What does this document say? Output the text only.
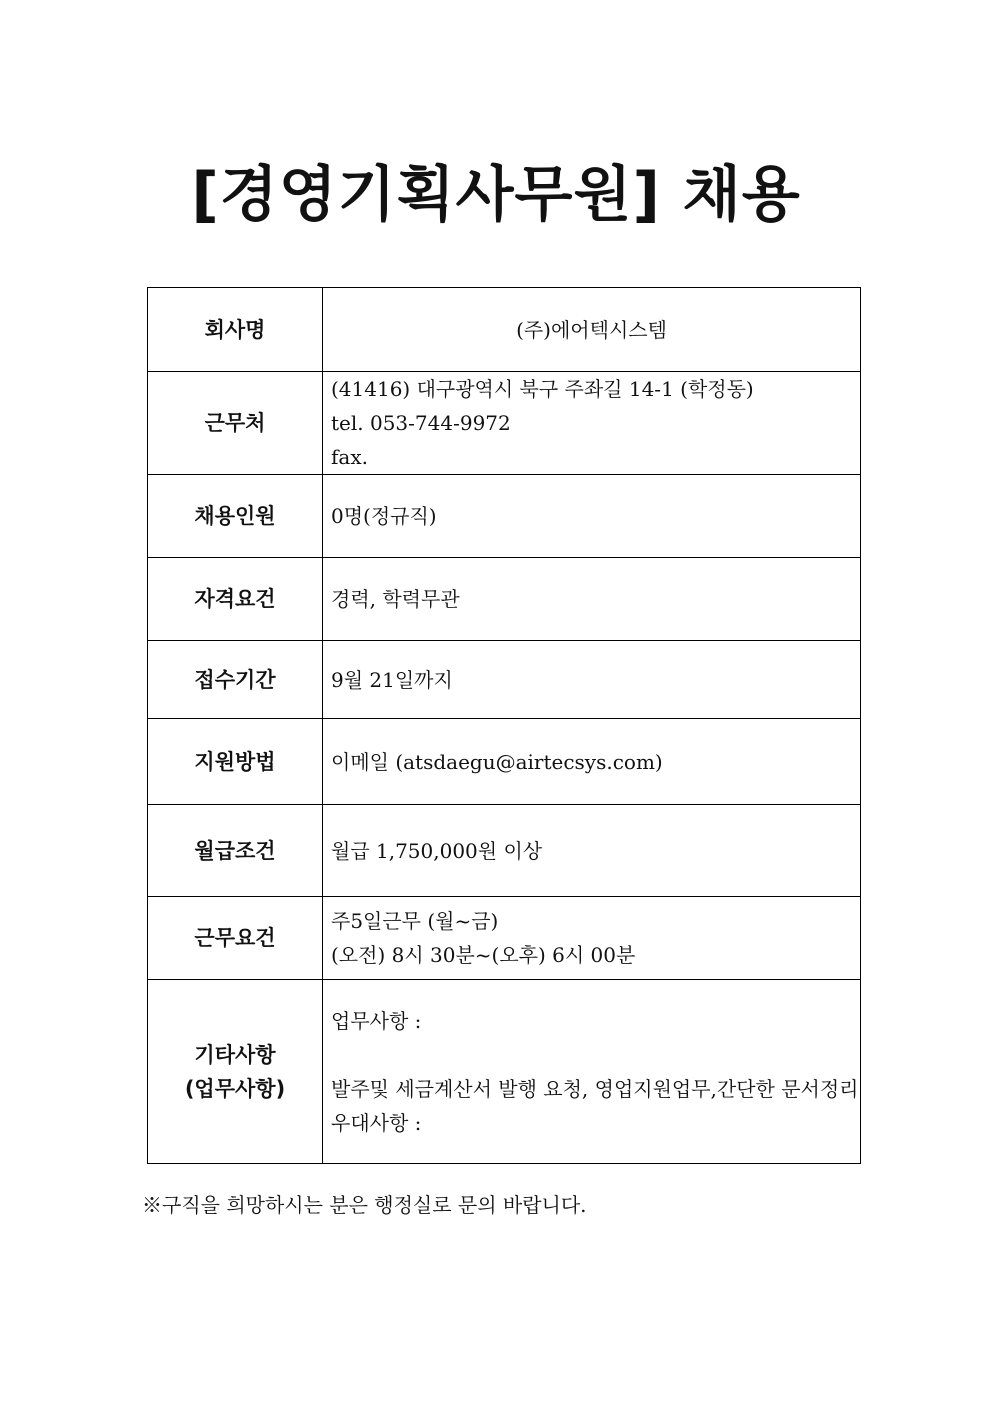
[경영기획사무원] 채용
회사명	(주)에어텍시스템
근무처	(41416) 대구광역시 북구 주좌길 14-1 (학정동)
tel. 053-744-9972
fax.

채용인원	0명(정규직)
자격요건	경력, 학력무관
접수기간	9월 21일까지
지원방법	이메일 (atsdaegu@airtecsys.com)
월급조건	월급 1,750,000원 이상
근무요건	주5일근무 (월~금)
(오전) 8시 30분~(오후) 6시 00분

기타사항
(업무사항)	업무사항 :
발주및 세금계산서 발행 요청, 영업지원업무,간단한 문서정리
우대사항 :

※구직을 희망하시는 분은 행정실로 문의 바랍니다.
